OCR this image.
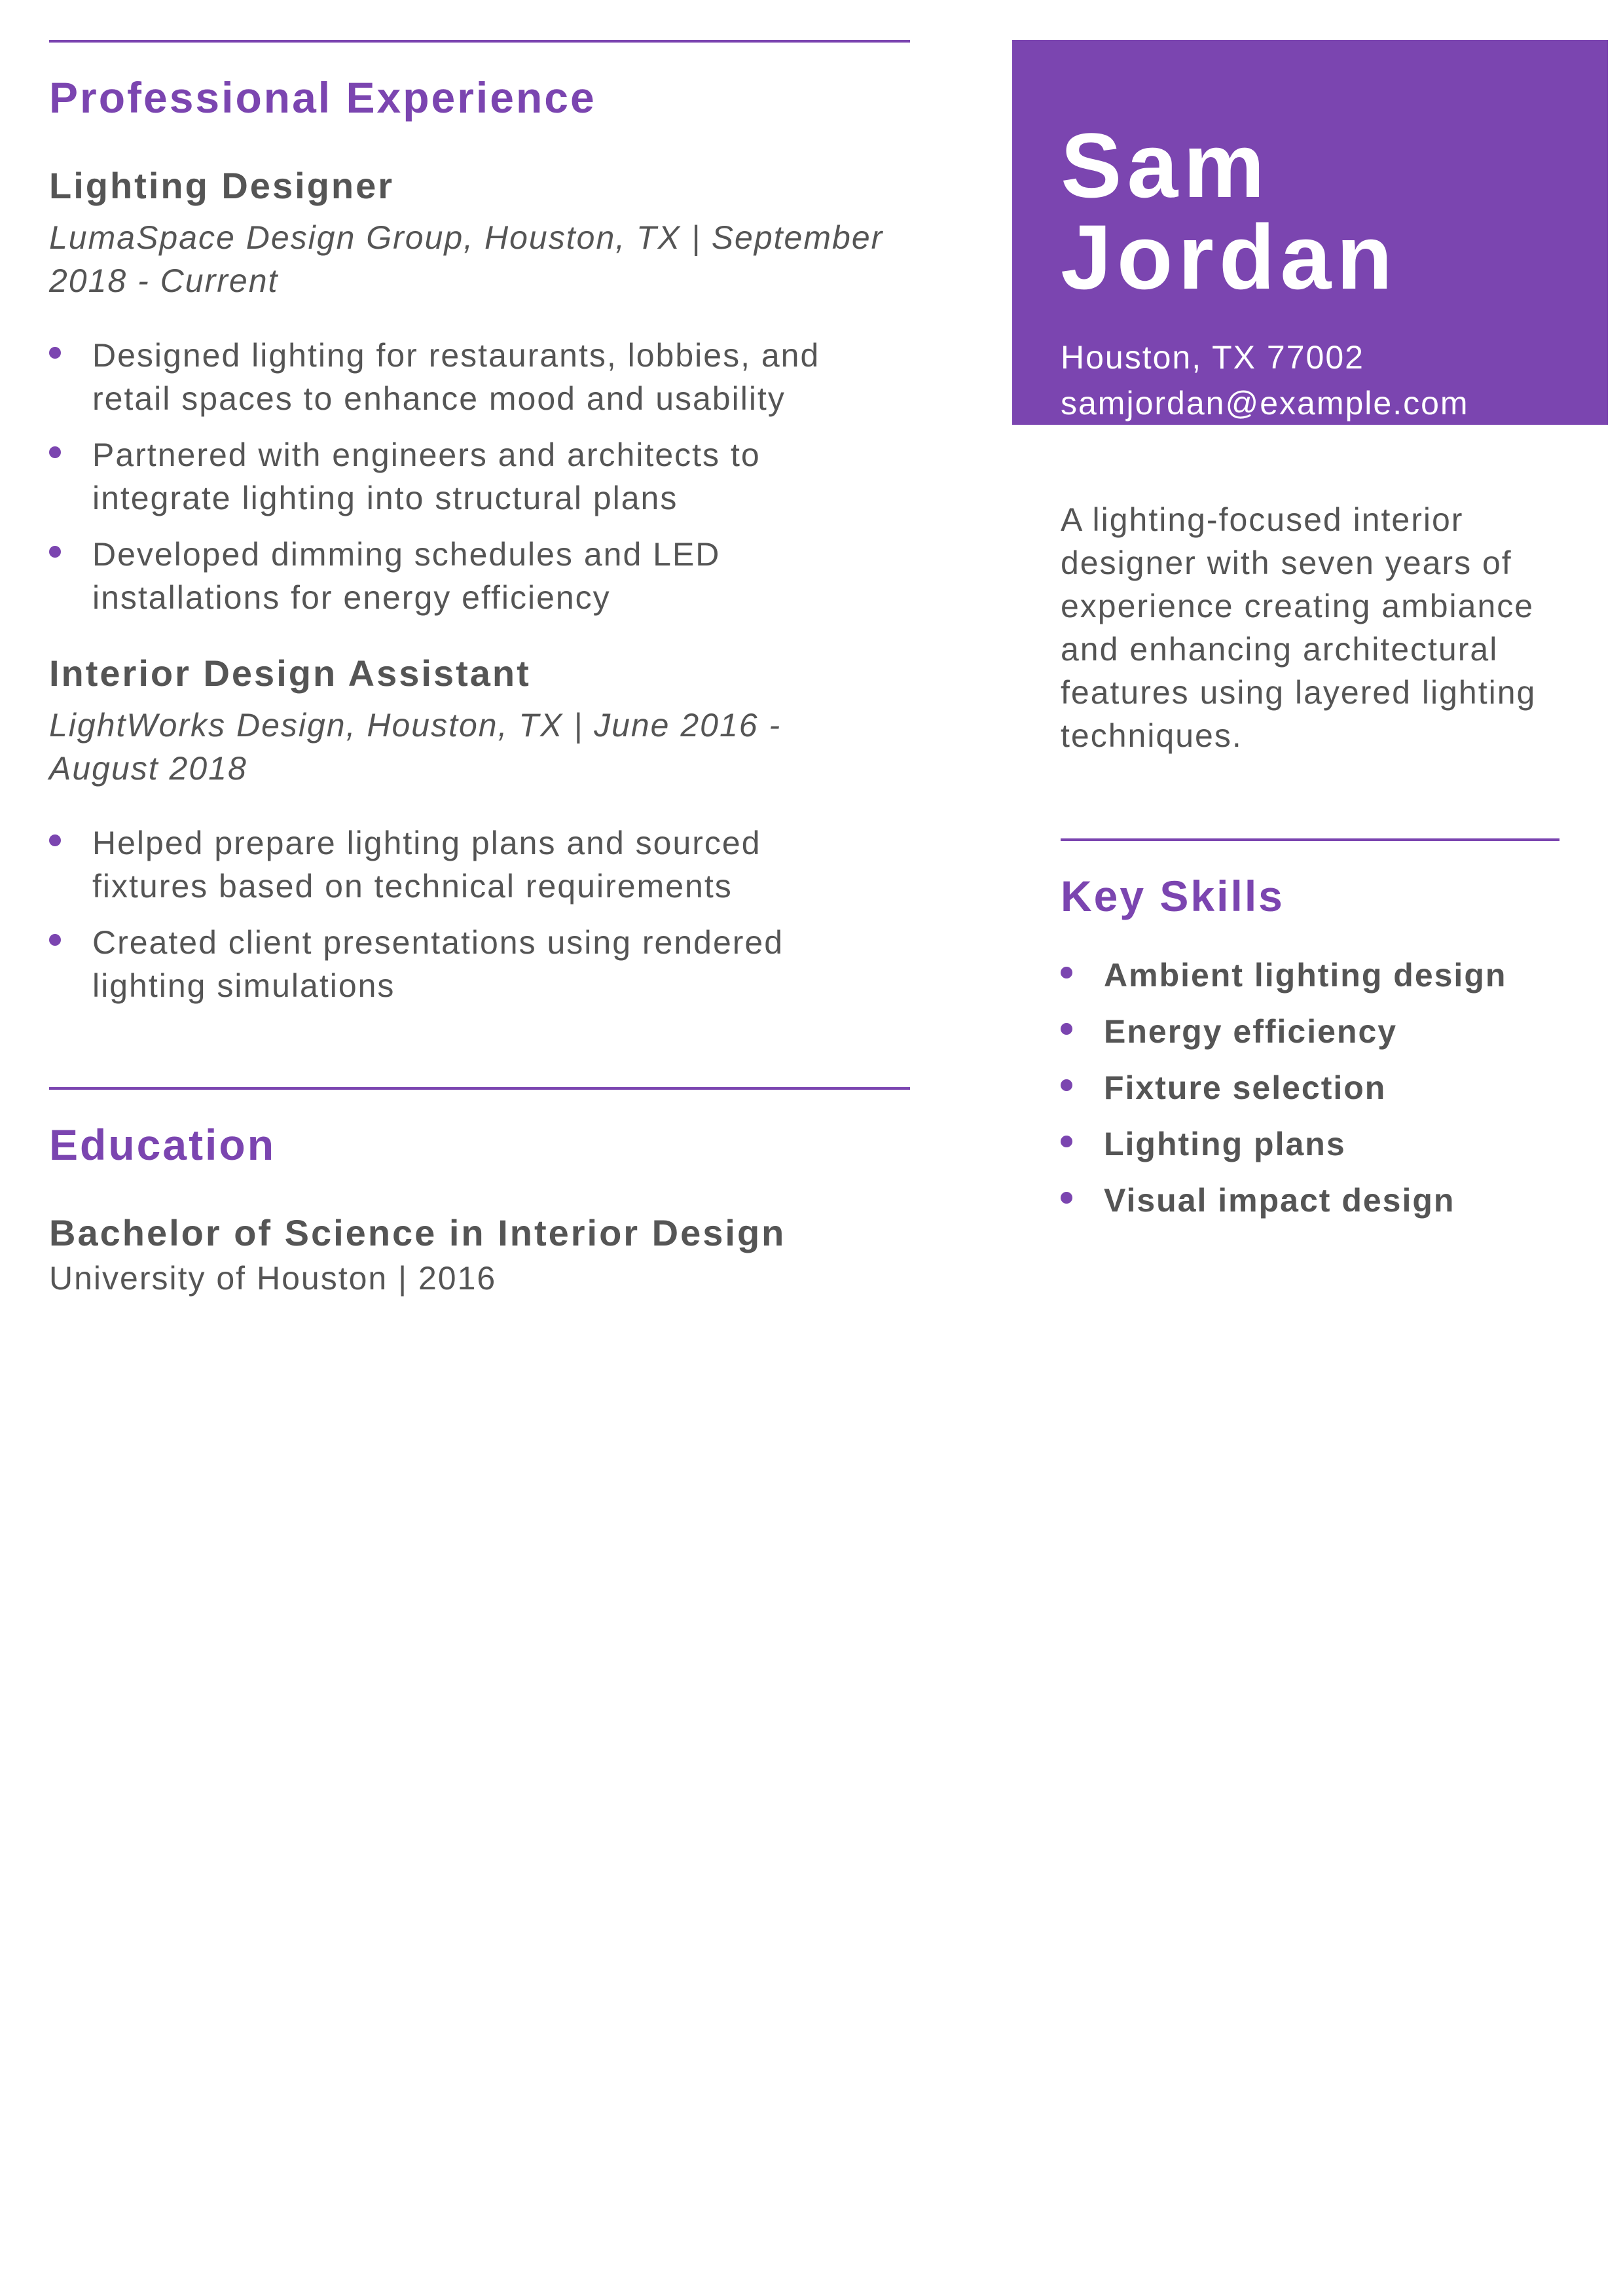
Professional Experience
Lighting Designer

LumaSpace Design Group, Houston, TX | September
2018 - Current

Designed lighting for restaurants, lobbies, and
retail spaces to enhance mood and usability
Partnered with engineers and architects to
integrate lighting into structural plans
Developed dimming schedules and LED
installations for energy efficiency
Interior Design Assistant

LightWorks Design, Houston, TX | June 2016 -
August 2018

Helped prepare lighting plans and sourced
fixtures based on technical requirements
Created client presentations using rendered
lighting simulations
Education
Bachelor of Science in Interior Design

University of Houston | 2016

Sam
Jordan

Houston, TX 77002

samjordan@example.com

(000) 000-0000

A lighting-focused interior
designer with seven years of
experience creating ambiance
and enhancing architectural
features using layered lighting
techniques.

Key Skills
Ambient lighting design
Energy efficiency
Fixture selection
Lighting plans
Visual impact design
